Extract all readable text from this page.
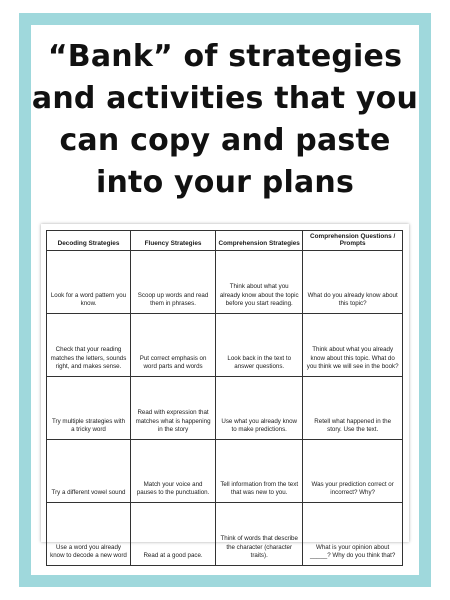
“Bank” of strategies
and activities that you
can copy and paste
into your plans
Decoding Strategies	Fluency Strategies	Comprehension Strategies	Comprehension Questions / Prompts
Look for a word pattern you know.	Scoop up words and read them in phrases.	Think about what you already know about the topic before you start reading.	What do you already know about this topic?
Check that your reading matches the letters, sounds right, and makes sense.	Put correct emphasis on word parts and words	Look back in the text to answer questions.	Think about what you already know about this topic. What do you think we will see in the book?
Try multiple strategies with a tricky word	Read with expression that matches what is happening in the story	Use what you already know to make predictions.	Retell what happened in the story. Use the text.
Try a different vowel sound	Match your voice and pauses to the punctuation.	Tell information from the text that was new to you.	Was your prediction correct or incorrect? Why?
Use a word you already know to decode a new word	Read at a good pace.	Think of words that describe the character (character traits).	What is your opinion about _____? Why do you think that?
